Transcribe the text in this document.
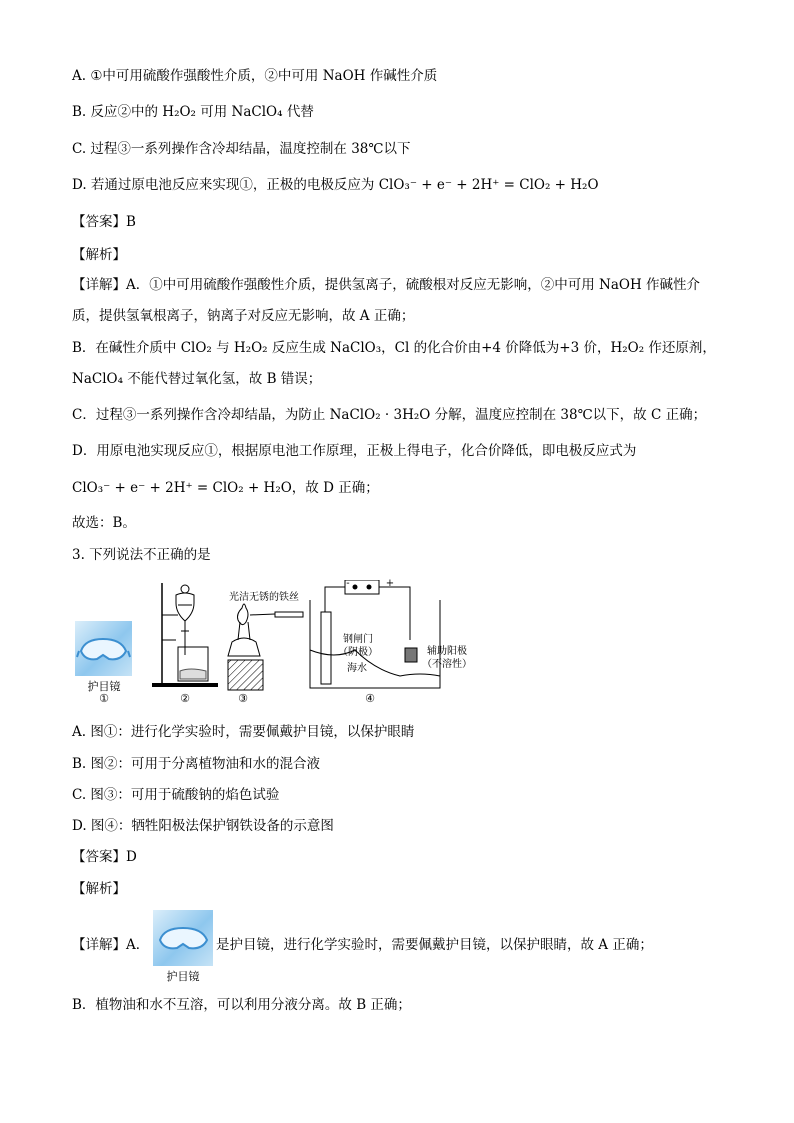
A. ①中可用硫酸作强酸性介质，②中可用 NaOH 作碱性介质
B. 反应②中的 H₂O₂ 可用 NaClO₄ 代替
C. 过程③一系列操作含冷却结晶，温度控制在 38℃以下
D. 若通过原电池反应来实现①，正极的电极反应为 ClO₃⁻ + e⁻ + 2H⁺ = ClO₂ + H₂O
【答案】B
【解析】
【详解】A．①中可用硫酸作强酸性介质，提供氢离子，硫酸根对反应无影响，②中可用 NaOH 作碱性介
质，提供氢氧根离子，钠离子对反应无影响，故 A 正确；
B．在碱性介质中 ClO₂ 与 H₂O₂ 反应生成 NaClO₃，Cl 的化合价由+4 价降低为+3 价，H₂O₂ 作还原剂，
NaClO₄ 不能代替过氧化氢，故 B 错误；
C．过程③一系列操作含冷却结晶，为防止 NaClO₂ · 3H₂O 分解，温度应控制在 38℃以下，故 C 正确；
D．用原电池实现反应①，根据原电池工作原理，正极上得电子，化合价降低，即电极反应式为
ClO₃⁻ + e⁻ + 2H⁺ = ClO₂ + H₂O，故 D 正确；
故选：B。
3. 下列说法不正确的是
护目镜
①	②
光洁无锈的铁丝
③
-	+
钢闸门
（阴极）
海水
辅助阳极
（不溶性）
④
A. 图①：进行化学实验时，需要佩戴护目镜，以保护眼睛
B. 图②：可用于分离植物油和水的混合液
C. 图③：可用于硫酸钠的焰色试验
D. 图④：牺牲阳极法保护钢铁设备的示意图
【答案】D
【解析】
【详解】A．
护目镜
是护目镜，进行化学实验时，需要佩戴护目镜，以保护眼睛，故 A 正确；
B．植物油和水不互溶，可以利用分液分离。故 B 正确；
